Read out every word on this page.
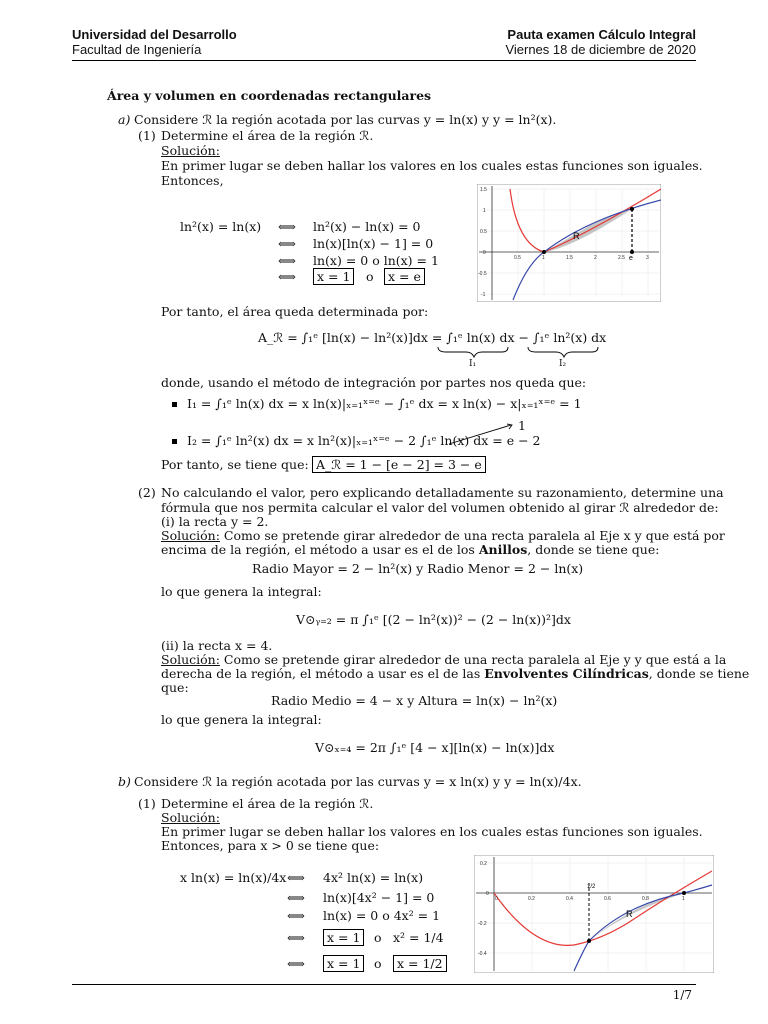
Universidad del Desarrollo
Facultad de Ingeniería
Pauta examen Cálculo Integral
Viernes 18 de diciembre de 2020
Área y volumen en coordenadas rectangulares
a) Considere ℛ la región acotada por las curvas y = ln(x) y y = ln²(x).
(1) Determine el área de la región ℛ.
Solución:
En primer lugar se deben hallar los valores en los cuales estas funciones son iguales.
Entonces,
ln²(x) = ln(x) ⟺ ln²(x) − ln(x) = 0
⟺ ln(x)[ln(x) − 1] = 0
⟺ ln(x) = 0 o ln(x) = 1
⟺	x = 1	o	x = e
R
e
1.5
1
0.5
0
-0.5
-1
0.5	1	1.5	2	2.5	3
Por tanto, el área queda determinada por:
A_ℛ = ∫₁ᵉ [ln(x) − ln²(x)]dx = ∫₁ᵉ ln(x) dx − ∫₁ᵉ ln²(x) dx
I₁	I₂
donde, usando el método de integración por partes nos queda que:
I₁ = ∫₁ᵉ ln(x) dx = x ln(x)|ₓ₌₁ˣ⁼ᵉ − ∫₁ᵉ dx = x ln(x) − x|ₓ₌₁ˣ⁼ᵉ = 1
1
I₂ = ∫₁ᵉ ln²(x) dx = x ln²(x)|ₓ₌₁ˣ⁼ᵉ − 2 ∫₁ᵉ ln(x) dx = e − 2
Por tanto, se tiene que: A_ℛ = 1 − [e − 2] = 3 − e
(2) No calculando el valor, pero explicando detalladamente su razonamiento, determine una
fórmula que nos permita calcular el valor del volumen obtenido al girar ℛ alrededor de:
(i) la recta y = 2.
Solución: Como se pretende girar alrededor de una recta paralela al Eje x y que está por
encima de la región, el método a usar es el de los Anillos, donde se tiene que:
Radio Mayor = 2 − ln²(x) y Radio Menor = 2 − ln(x)
lo que genera la integral:
V⊙ᵧ₌₂ = π ∫₁ᵉ [(2 − ln²(x))² − (2 − ln(x))²]dx
(ii) la recta x = 4.
Solución: Como se pretende girar alrededor de una recta paralela al Eje y y que está a la
derecha de la región, el método a usar es el de las Envolventes Cilíndricas, donde se tiene
que:
Radio Medio = 4 − x y Altura = ln(x) − ln²(x)
lo que genera la integral:
V⊙ₓ₌₄ = 2π ∫₁ᵉ [4 − x][ln(x) − ln(x)]dx
b) Considere ℛ la región acotada por las curvas y = x ln(x) y y = ln(x)/4x.
(1) Determine el área de la región ℛ.
Solución:
En primer lugar se deben hallar los valores en los cuales estas funciones son iguales.
Entonces, para x > 0 se tiene que:
x ln(x) = ln(x)/4x ⟺ 4x² ln(x) = ln(x)
⟺ ln(x)[4x² − 1] = 0
⟺ ln(x) = 0 o 4x² = 1
⟺	x = 1	o x² = 1/4
⟺	x = 1	o	x = 1/2
R
1/2
0.2
0
-0.2
-0.4
0	0.2	0.4	0.6	0.8	1
1/7
